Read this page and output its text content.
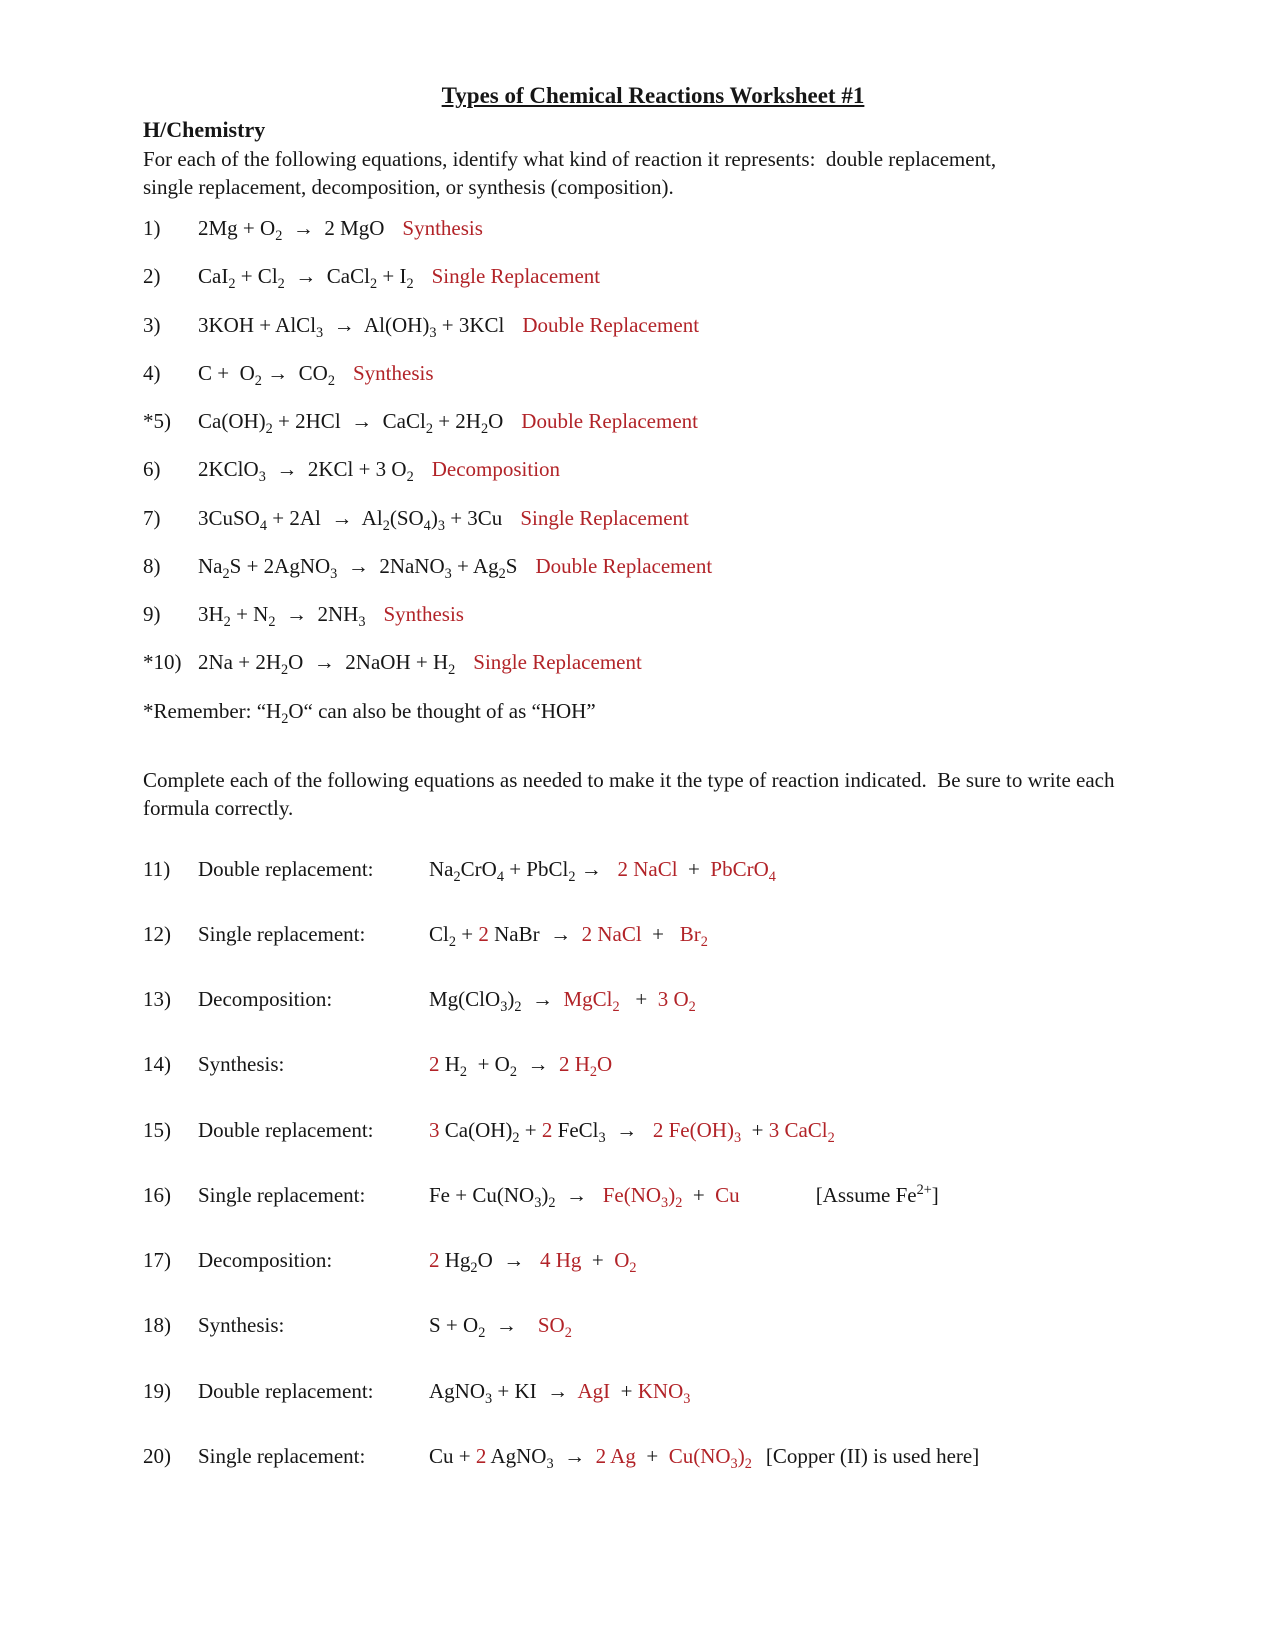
Types of Chemical Reactions Worksheet #1

H/Chemistry

For each of the following equations, identify what kind of reaction it represents:  double replacement, single replacement, decomposition, or synthesis (composition).

1)	$2Mg + O_2 \to 2$ MgO Synthesis
2)	$CaI_2 + Cl_2$  →  CaCl$_2$ + $I_2$ Single Replacement
3)	3KOH + AlCl$_3$  →  $Al(OH)_3 + 3KCl$ Double Replacement
4)	$C + O_2 \to CO_2$ Synthesis
*5)	$Ca(OH)_2 + 2HCl$  →  CaCl$_2$ + $2H_2O$ Double Replacement
6)	2KClO$_3$  →  2KCl + 3 $O_2$ Decomposition
7)	3CuSO$_4$ + $2Al \to Al_2(SO_4)_3 + 3Cu$ Single Replacement
8)	$Na_2S$ + 2AgNO$_3$  →  2NaNO$_3$ + $Ag_2S$ Double Replacement
9)	$3H_2 + N_2 \to 2NH_3$ Synthesis
*10) $2Na + 2H_2O$  →  2NaOH + $H_2$ Single Replacement

*Remember: “$H_2O“$ can also be thought of as “HOH”

Complete each of the following equations as needed to make it the type of reaction indicated.  Be sure to write each formula correctly.

11)	Double replacement:	$Na_2CrO_4$ + PbCl$_2$ →   2 NaCl  +  PbCrO$_4$
12)	Single replacement:	$Cl_2 + 2$ NaBr  →  2 NaCl  +   $Br_2$
13)	Decomposition:	$Mg(ClO_3)_2$  →  MgCl$_2$   +  3 $O_2$
14)	Synthesis:	2 $H_2 + O_2 \to 2$ $H_2O$
15)	Double replacement:	3 $Ca(OH)_2 + 2$ FeCl$_3$  →   2 $Fe(OH)_3 + 3$ CaCl$_2$
16)	Single replacement:	$Fe + Cu(NO_3)_2 \to Fe(NO_3)_2 + Cu$	[Assume $Fe^{2+}$]
17)	Decomposition:	2 $Hg_2O \to 4$ $Hg + O_2$
18)	Synthesis:	$S + O_2$  →    $SO_2$
19)	Double replacement:	AgNO$_3$ + KI  →  AgI  + $KNO_3$
20)	Single replacement:	Cu + 2 AgNO$_3$  →  2 $Ag + Cu(NO_3)_2$ [Copper (II) is used here]
